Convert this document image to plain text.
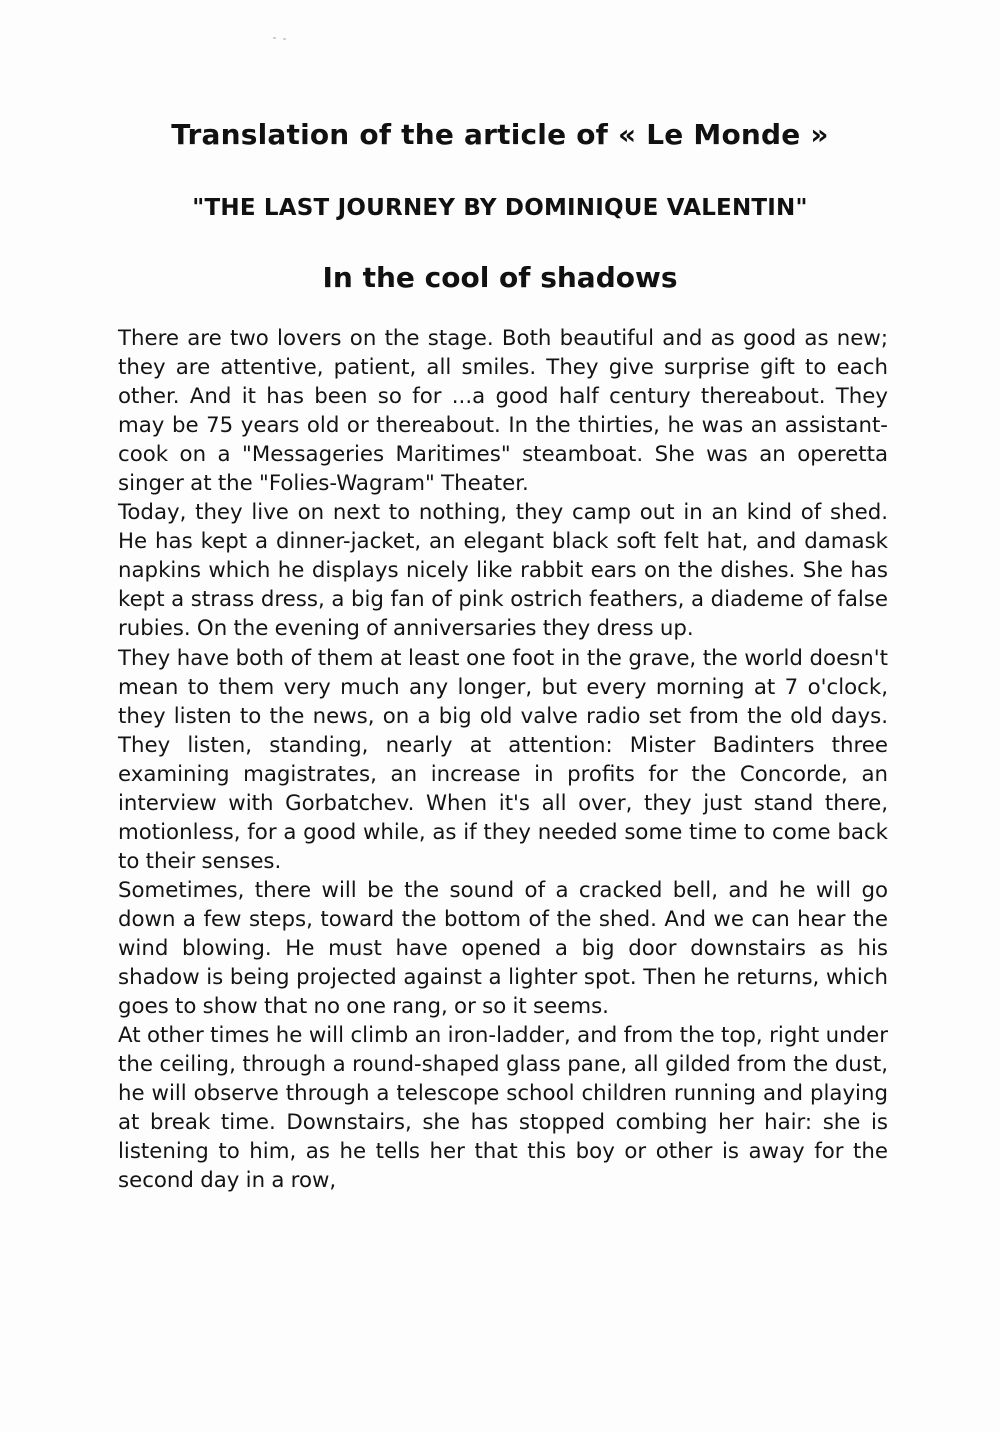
Translation of the article of « Le Monde »
"THE LAST JOURNEY BY DOMINIQUE VALENTIN"
In the cool of shadows

There are two lovers on the stage. Both beautiful and as good as new; they are attentive, patient, all smiles. They give surprise gift to each other. And it has been so for ...a good half century thereabout. They may be 75 years old or thereabout. In the thirties, he was an assistant-cook on a "Messageries Maritimes" steamboat. She was an operetta singer at the "Folies-Wagram" Theater.

Today, they live on next to nothing, they camp out in an kind of shed. He has kept a dinner-jacket, an elegant black soft felt hat, and damask napkins which he displays nicely like rabbit ears on the dishes. She has kept a strass dress, a big fan of pink ostrich feathers, a diademe of false rubies. On the evening of anniversaries they dress up.

They have both of them at least one foot in the grave, the world doesn't mean to them very much any longer, but every morning at 7 o'clock, they listen to the news, on a big old valve radio set from the old days. They listen, standing, nearly at attention: Mister Badinters three examining magistrates, an increase in profits for the Concorde, an interview with Gorbatchev. When it's all over, they just stand there, motionless, for a good while, as if they needed some time to come back to their senses.

Sometimes, there will be the sound of a cracked bell, and he will go down a few steps, toward the bottom of the shed. And we can hear the wind blowing. He must have opened a big door downstairs as his shadow is being projected against a lighter spot. Then he returns, which goes to show that no one rang, or so it seems.

At other times he will climb an iron-ladder, and from the top, right under the ceiling, through a round-shaped glass pane, all gilded from the dust, he will observe through a telescope school children running and playing at break time. Downstairs, she has stopped combing her hair: she is listening to him, as he tells her that this boy or other is away for the second day in a row,
